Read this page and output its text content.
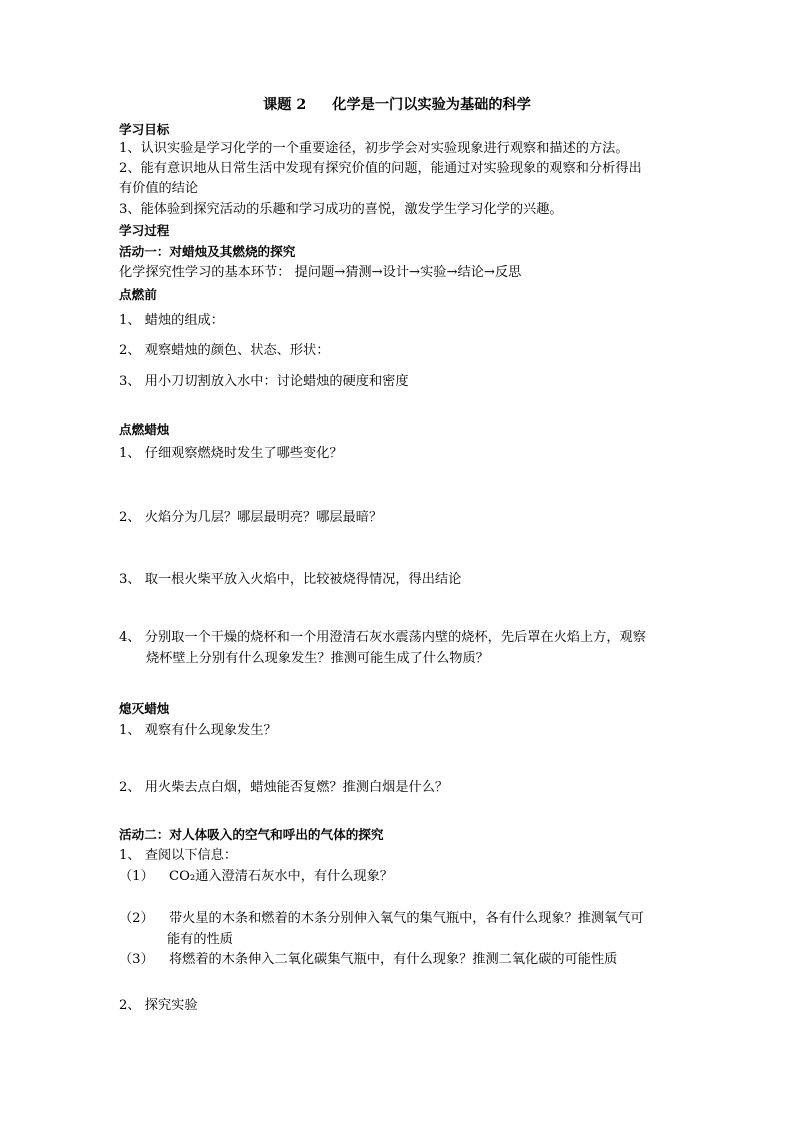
课题 2 化学是一门以实验为基础的科学
学习目标
1、认识实验是学习化学的一个重要途径，初步学会对实验现象进行观察和描述的方法。
2、能有意识地从日常生活中发现有探究价值的问题，能通过对实验现象的观察和分析得出
有价值的结论
3、能体验到探究活动的乐趣和学习成功的喜悦，激发学生学习化学的兴趣。
学习过程
活动一：对蜡烛及其燃烧的探究
化学探究性学习的基本环节： 提问题→猜测→设计→实验→结论→反思
点燃前
1、 蜡烛的组成：
2、 观察蜡烛的颜色、状态、形状：
3、 用小刀切割放入水中：讨论蜡烛的硬度和密度
点燃蜡烛
1、 仔细观察燃烧时发生了哪些变化？
2、 火焰分为几层？哪层最明亮？哪层最暗？
3、 取一根火柴平放入火焰中，比较被烧得情况，得出结论
4、 分别取一个干燥的烧杯和一个用澄清石灰水震荡内壁的烧杯，先后罩在火焰上方，观察
烧杯壁上分别有什么现象发生？推测可能生成了什么物质？
熄灭蜡烛
1、 观察有什么现象发生？
2、 用火柴去点白烟，蜡烛能否复燃？推测白烟是什么？
活动二：对人体吸入的空气和呼出的气体的探究
1、 查阅以下信息：
（1） CO₂通入澄清石灰水中，有什么现象？
（2） 带火星的木条和燃着的木条分别伸入氧气的集气瓶中，各有什么现象？推测氧气可
能有的性质
（3） 将燃着的木条伸入二氧化碳集气瓶中，有什么现象？推测二氧化碳的可能性质
2、 探究实验
